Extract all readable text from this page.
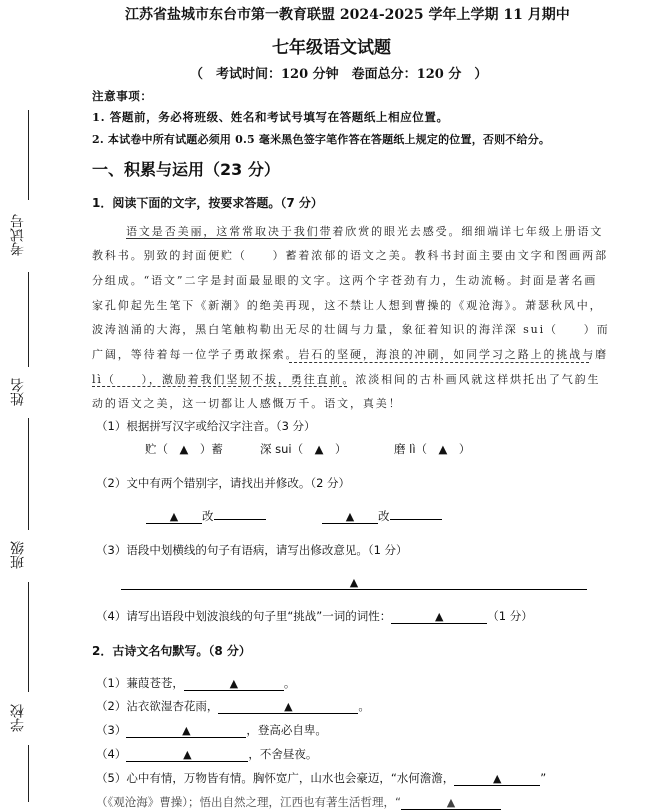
考试号
姓名
班级
学校
江苏省盐城市东台市第一教育联盟 2024-2025 学年上学期 11 月期中
七年级语文试题
（　考试时间：120 分钟　卷面总分：120 分　）
注意事项：
1. 答题前，务必将班级、姓名和考试号填写在答题纸上相应位置。
2. 本试卷中所有试题必须用 0.5 毫米黑色签字笔作答在答题纸上规定的位置，否则不给分。
一、积累与运用（23 分）
1．阅读下面的文字，按要求答题。（7 分）
语文是否美丽，这常常取决于我们带着欣赏的眼光去感受。细细端详七年级上册语文
教科书。别致的封面便贮（　　）蓄着浓郁的语文之美。教科书封面主要由文字和图画两部
分组成。“语文”二字是封面最显眼的文字。这两个字苍劲有力，生动流畅。封面是著名画
家孔仰起先生笔下《新潮》的绝美再现，这不禁让人想到曹操的《观沧海》。萧瑟秋风中，
波涛汹涌的大海，黑白笔触构勒出无尽的壮阔与力量，象征着知识的海洋深 sui（　　）而
广阔，等待着每一位学子勇敢探索。岩石的坚硬，海浪的冲刷，如同学习之路上的挑战与磨
lì（　　），激励着我们坚韧不拔，勇往直前。浓淡相间的古朴画风就这样烘托出了气韵生
动的语文之美，这一切都让人感慨万千。语文，真美！
（1）根据拼写汉字或给汉字注音。（3 分）
贮（　▲　）蓄	深 sui（　▲　）	磨 lì（　▲　）
（2）文中有两个错别字，请找出并修改。（2 分）
▲ 改	▲ 改
（3）语段中划横线的句子有语病，请写出修改意见。（1 分）
▲
（4）请写出语段中划波浪线的句子里“挑战”一词的词性：	▲	（1 分）
2．古诗文名句默写。（8 分）
（1）蒹葭苍苍，	▲	。
（2）沾衣欲湿杏花雨，	▲	。
（3）	▲	，登高必自卑。
（4）	▲	，不舍昼夜。
（5）心中有情，万物皆有情。胸怀宽广，山水也会豪迈，“水何澹澹，	▲	”
（《观沧海》曹操）；悟出自然之理，江西也有著生活哲理，“	▲
